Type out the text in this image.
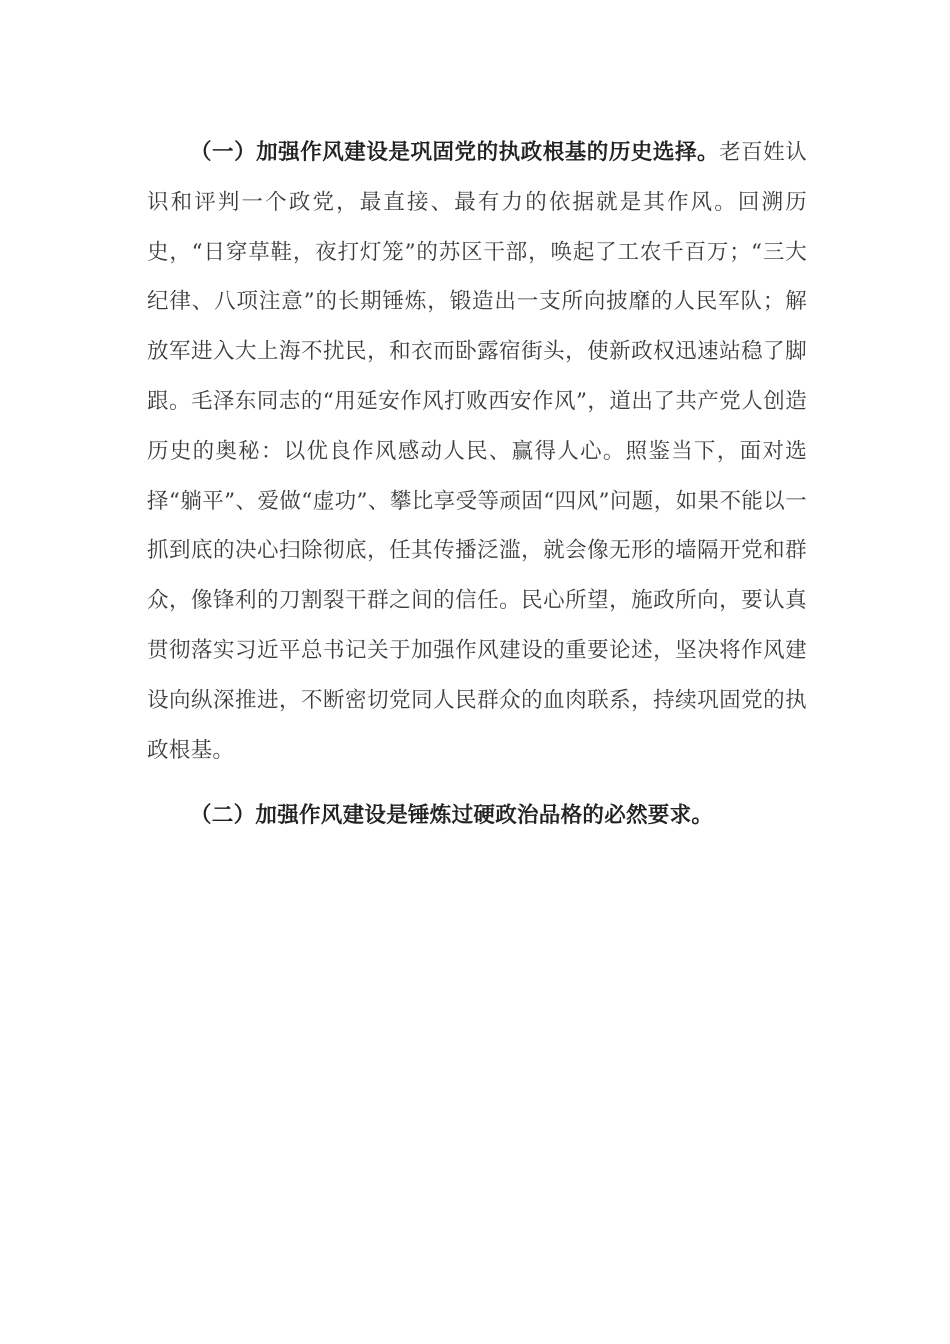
（一）加强作风建设是巩固党的执政根基的历史选择。老百姓认识和评判一个政党，最直接、最有力的依据就是其作风。回溯历史，“日穿草鞋，夜打灯笼”的苏区干部，唤起了工农千百万；“三大纪律、八项注意”的长期锤炼，锻造出一支所向披靡的人民军队；解放军进入大上海不扰民，和衣而卧露宿街头，使新政权迅速站稳了脚跟。毛泽东同志的“用延安作风打败西安作风”，道出了共产党人创造历史的奥秘：以优良作风感动人民、赢得人心。照鉴当下，面对选择“躺平”、爱做“虚功”、攀比享受等顽固“四风”问题，如果不能以一抓到底的决心扫除彻底，任其传播泛滥，就会像无形的墙隔开党和群众，像锋利的刀割裂干群之间的信任。民心所望，施政所向，要认真贯彻落实习近平总书记关于加强作风建设的重要论述，坚决将作风建设向纵深推进，不断密切党同人民群众的血肉联系，持续巩固党的执政根基。

（二）加强作风建设是锤炼过硬政治品格的必然要求。
